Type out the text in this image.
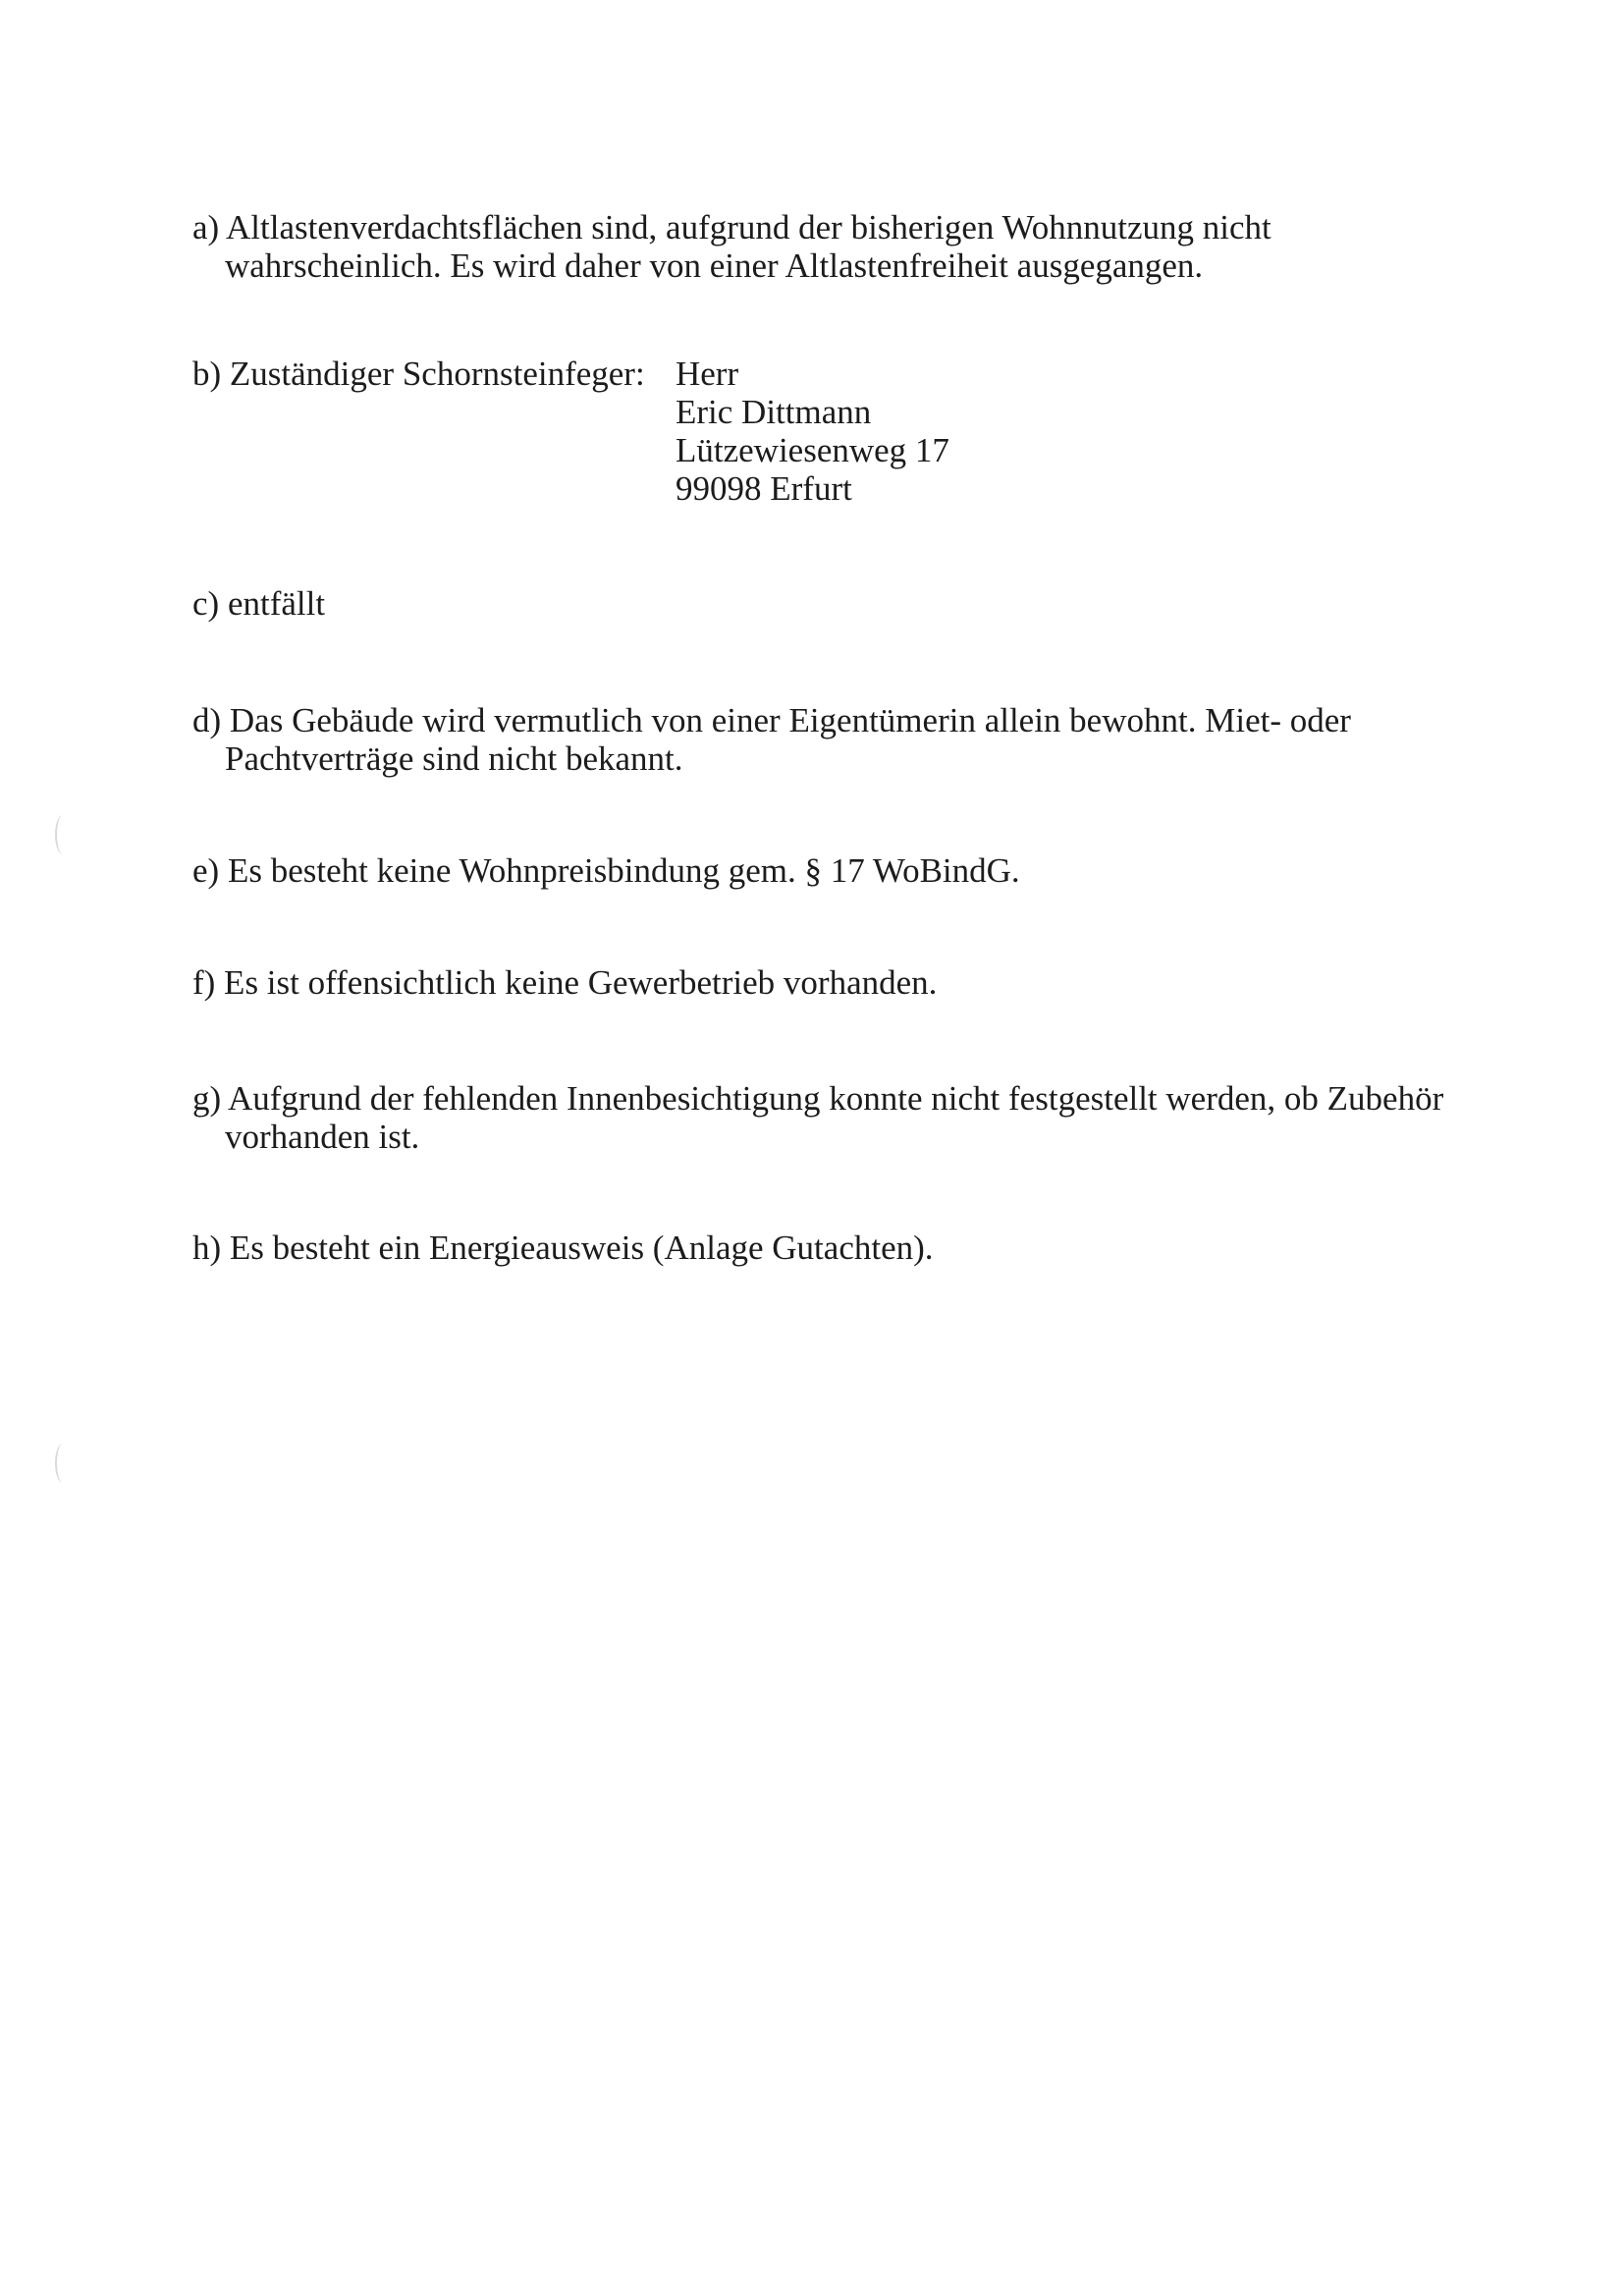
a) Altlastenverdachtsflächen sind, aufgrund der bisherigen Wohnnutzung nicht
wahrscheinlich. Es wird daher von einer Altlastenfreiheit ausgegangen.
b) Zuständiger Schornsteinfeger: Herr
Eric Dittmann
Lützewiesenweg 17
99098 Erfurt
c) entfällt
d) Das Gebäude wird vermutlich von einer Eigentümerin allein bewohnt. Miet- oder
Pachtverträge sind nicht bekannt.
e) Es besteht keine Wohnpreisbindung gem. § 17 WoBindG.
f) Es ist offensichtlich keine Gewerbetrieb vorhanden.
g) Aufgrund der fehlenden Innenbesichtigung konnte nicht festgestellt werden, ob Zubehör
vorhanden ist.
h) Es besteht ein Energieausweis (Anlage Gutachten).
